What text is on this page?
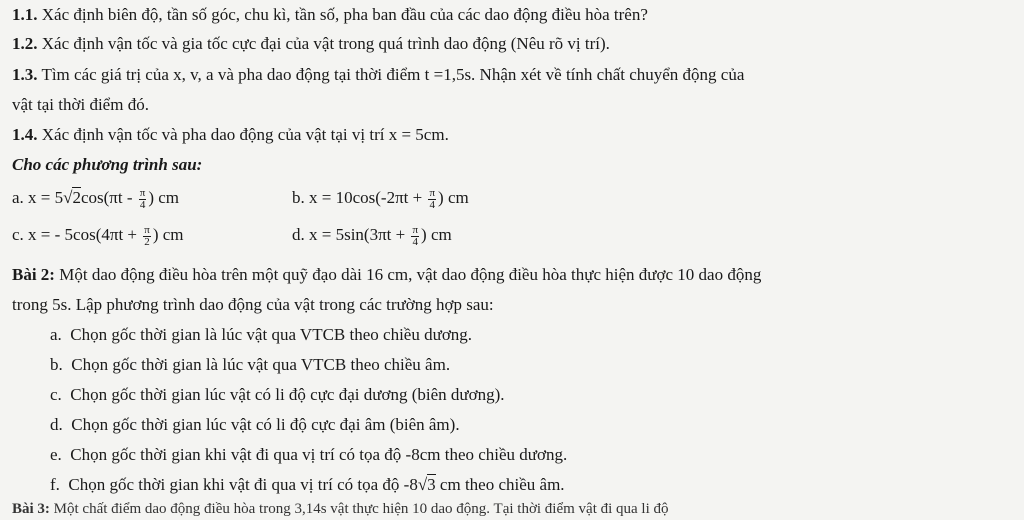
1.1. Xác định biên độ, tần số góc, chu kì, tần số, pha ban đầu của các dao động điều hòa trên?
1.2. Xác định vận tốc và gia tốc cực đại của vật trong quá trình dao động (Nêu rõ vị trí).
1.3. Tìm các giá trị của x, v, a và pha dao động tại thời điểm t =1,5s. Nhận xét về tính chất chuyển động của
vật tại thời điểm đó.
1.4. Xác định vận tốc và pha dao động của vật tại vị trí x = 5cm.
Cho các phương trình sau:
a. $x = 5√2\cos(\pi t - \frac{\pi}{4}$ ) cm	b. $x = 10\cos(-2\pi t + \frac{\pi}{4}$ ) cm
c. x = - $5\cos(4\pi t + \frac{\pi}{2}$ ) cm	d. $x = 5\sin(3\pi t + \frac{\pi}{4}$ ) cm
Bài 2: Một dao động điều hòa trên một quỹ đạo dài 16 cm, vật dao động điều hòa thực hiện được 10 dao động
trong 5s. Lập phương trình dao động của vật trong các trường hợp sau:
a. Chọn gốc thời gian là lúc vật qua VTCB theo chiều dương.
b. Chọn gốc thời gian là lúc vật qua VTCB theo chiều âm.
c. Chọn gốc thời gian lúc vật có li độ cực đại dương (biên dương).
d. Chọn gốc thời gian lúc vật có li độ cực đại âm (biên âm).
e. Chọn gốc thời gian khi vật đi qua vị trí có tọa độ -8cm theo chiều dương.
f. Chọn gốc thời gian khi vật đi qua vị trí có tọa độ -8√3 cm theo chiều âm.
Bài 3: Một chất điểm dao động điều hòa trong 3,14s vật thực hiện 10 dao động. Tại thời điểm vật đi qua li độ
